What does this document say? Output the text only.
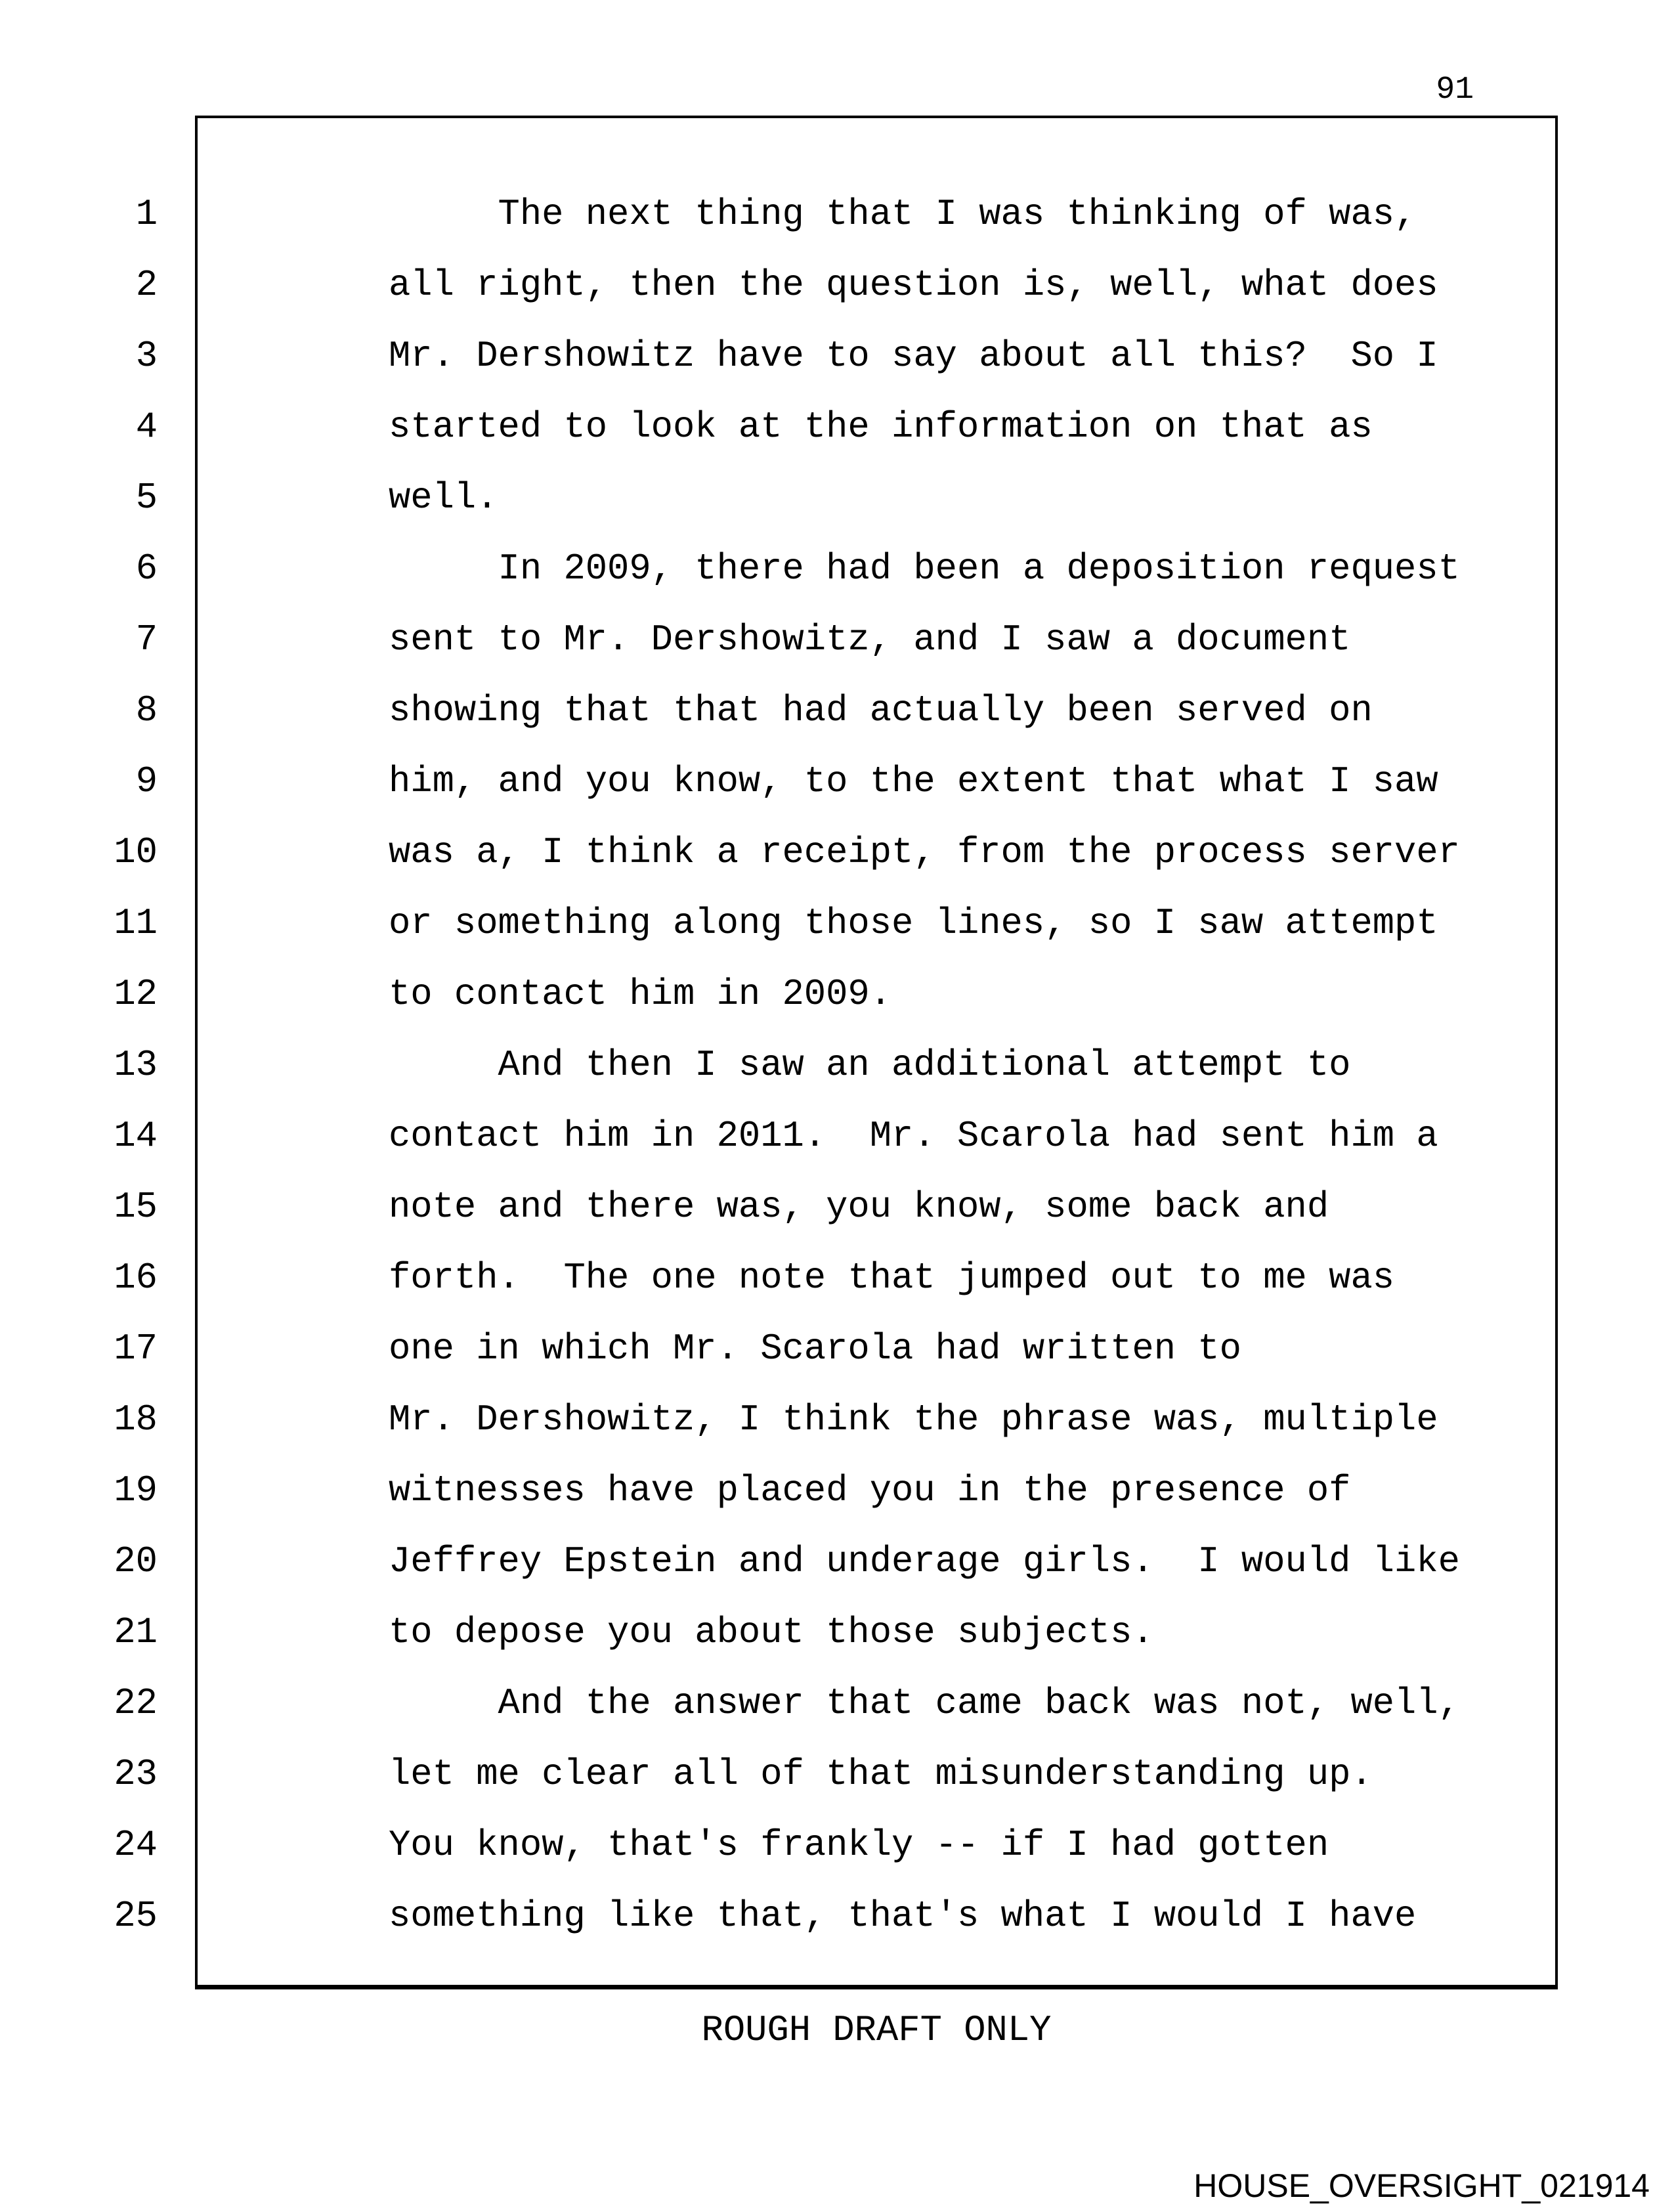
91
1	The next thing that I was thinking of was,
2	all right, then the question is, well, what does
3	Mr. Dershowitz have to say about all this?  So I
4	started to look at the information on that as
5	well.
6	In 2009, there had been a deposition request
7	sent to Mr. Dershowitz, and I saw a document
8	showing that that had actually been served on
9	him, and you know, to the extent that what I saw
10	was a, I think a receipt, from the process server
11	or something along those lines, so I saw attempt
12	to contact him in 2009.
13	And then I saw an additional attempt to
14	contact him in 2011.  Mr. Scarola had sent him a
15	note and there was, you know, some back and
16	forth.  The one note that jumped out to me was
17	one in which Mr. Scarola had written to
18	Mr. Dershowitz, I think the phrase was, multiple
19	witnesses have placed you in the presence of
20	Jeffrey Epstein and underage girls.  I would like
21	to depose you about those subjects.
22	And the answer that came back was not, well,
23	let me clear all of that misunderstanding up.
24	You know, that's frankly -- if I had gotten
25	something like that, that's what I would I have
ROUGH DRAFT ONLY
HOUSE_OVERSIGHT_021914
